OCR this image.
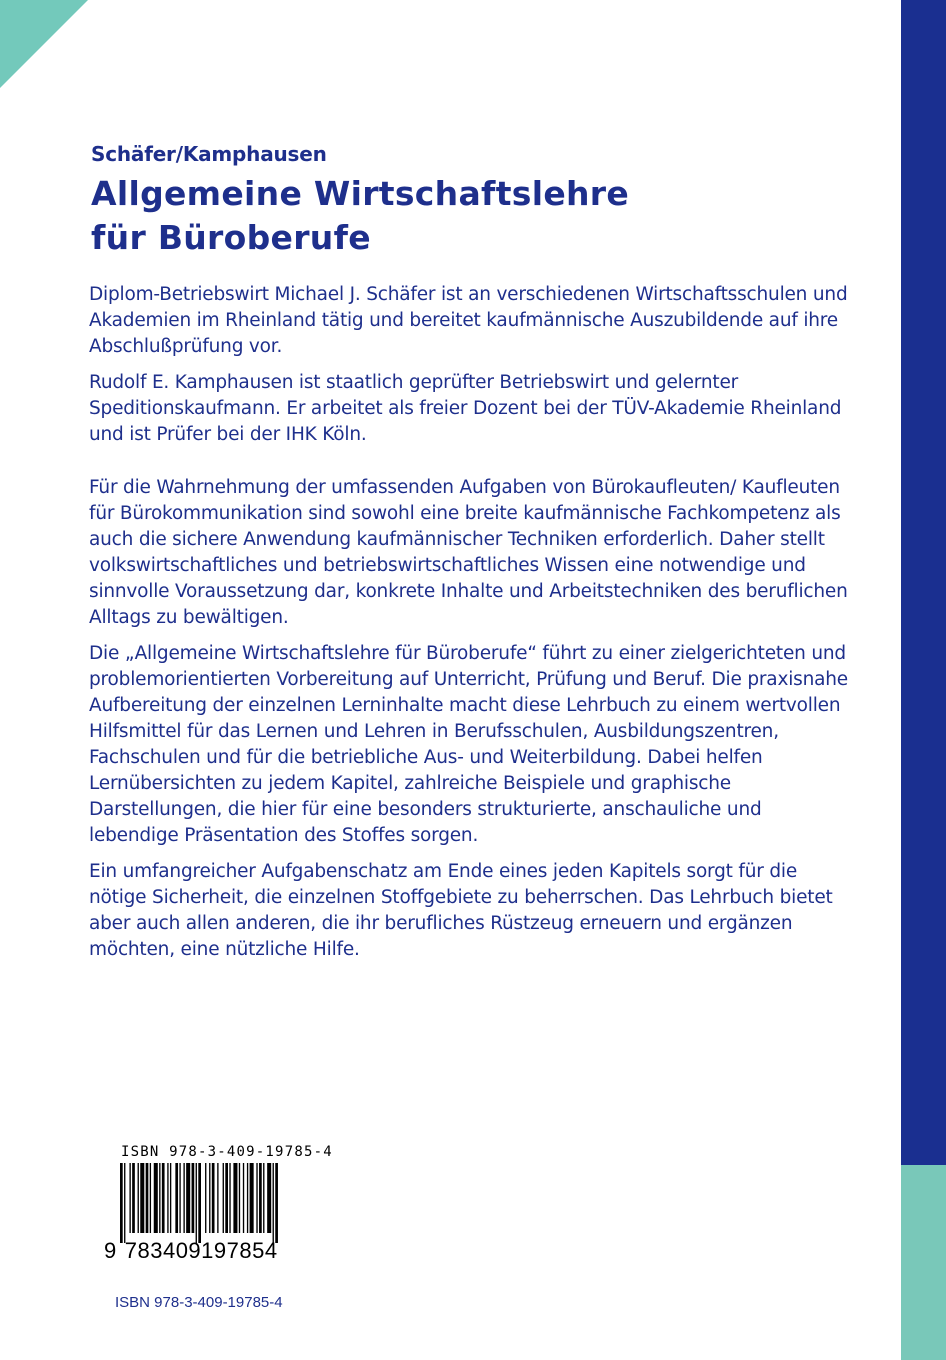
Schäfer/Kamphausen
Allgemeine Wirtschaftslehre
für Büroberufe

Diplom-Betriebswirt Michael J. Schäfer ist an verschiedenen Wirtschaftsschulen und Akademien im Rheinland tätig und bereitet kaufmännische Auszubildende auf ihre Abschlußprüfung vor.

Rudolf E. Kamphausen ist staatlich geprüfter Betriebswirt und gelernter Speditionskaufmann. Er arbeitet als freier Dozent bei der TÜV-Akademie Rheinland und ist Prüfer bei der IHK Köln.

Für die Wahrnehmung der umfassenden Aufgaben von Bürokaufleuten/ Kaufleuten für Bürokommunikation sind sowohl eine breite kaufmännische Fachkompetenz als auch die sichere Anwendung kaufmännischer Techniken erforderlich. Daher stellt volkswirtschaftliches und betriebswirtschaftliches Wissen eine notwendige und sinnvolle Voraussetzung dar, konkrete Inhalte und Arbeitstechniken des beruflichen Alltags zu bewältigen.

Die „Allgemeine Wirtschaftslehre für Büroberufe“ führt zu einer zielgerichteten und problemorientierten Vorbereitung auf Unterricht, Prüfung und Beruf. Die praxisnahe Aufbereitung der einzelnen Lerninhalte macht diese Lehrbuch zu einem wertvollen Hilfsmittel für das Lernen und Lehren in Berufsschulen, Ausbildungszentren, Fachschulen und für die betriebliche Aus- und Weiterbildung. Dabei helfen Lernübersichten zu jedem Kapitel, zahlreiche Beispiele und graphische Darstellungen, die hier für eine besonders strukturierte, anschauliche und lebendige Präsentation des Stoffes sorgen.

Ein umfangreicher Aufgabenschatz am Ende eines jeden Kapitels sorgt für die nötige Sicherheit, die einzelnen Stoffgebiete zu beherrschen. Das Lehrbuch bietet aber auch allen anderen, die ihr berufliches Rüstzeug erneuern und ergänzen möchten, eine nützliche Hilfe.

ISBN 978-3-409-19785-4
9 783409197854
ISBN 978-3-409-19785-4
